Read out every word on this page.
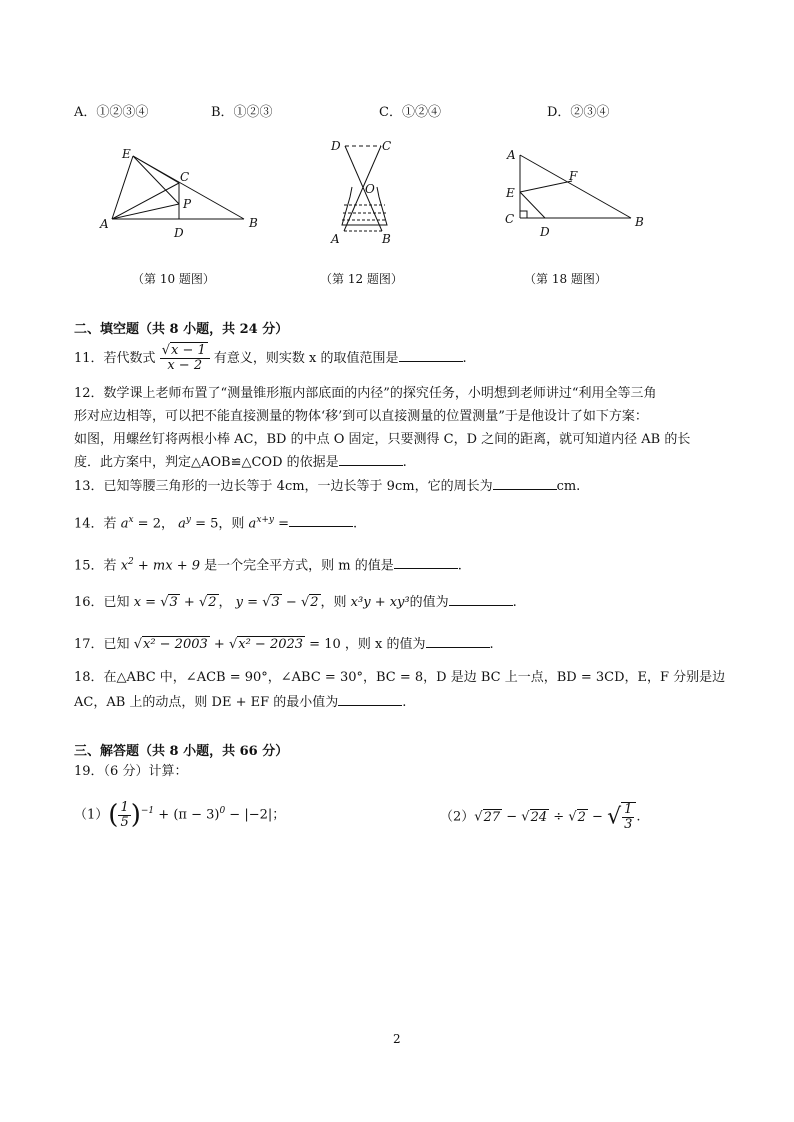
A．①②③④	B．①②③	C．①②④	D．②③④
E
C
P
A
D
B
（第 10 题图）
D	C
O
A	B
（第 12 题图）
A
F
E
C
D
B
（第 18 题图）
二、填空题（共 8 小题，共 24 分）
11．若代数式 $\frac{√x - 1}{x - 2}$ 有意义，则实数 x 的取值范围是	.
12．数学课上老师布置了“测量锥形瓶内部底面的内径”的探究任务，小明想到老师讲过“利用全等三角
形对应边相等，可以把不能直接测量的物体‘移’到可以直接测量的位置测量”于是他设计了如下方案：
如图，用螺丝钉将两根小棒 AC，BD 的中点 O 固定，只要测得 C，D 之间的距离，就可知道内径 AB 的长
度．此方案中，判定△AOB≌△COD 的依据是	.
13．已知等腰三角形的一边长等于 4cm，一边长等于 9cm，它的周长为	cm.
14．若 $a^x = 2$， $a^y = 5$，则 $a^{x+y}$ =	.
15．若 $x^2$ + mx + 9 是一个完全平方式，则 m 的值是	.
16．已知 x = √3 + √2 ， y = √3 − √2 ，则 x³y + xy³的值为	.
17．已知 √x² − 2003 + √x² − 2023 = 10 ，则 x 的值为	.
18．在△ABC 中，∠ACB = 90°，∠ABC = 30°，BC = 8，D 是边 BC 上一点，BD = 3CD，E，F 分别是边
AC，AB 上的动点，则 DE + EF 的最小值为	.
三、解答题（共 8 小题，共 66 分）
19．（6 分）计算：
$(1)( \frac{1}{5} )^{-1} + (\pi - 3)^0 - |-2|$；	（2）√27 − √24 ÷ √2 − √ $\frac{1}{3}$ .
2
